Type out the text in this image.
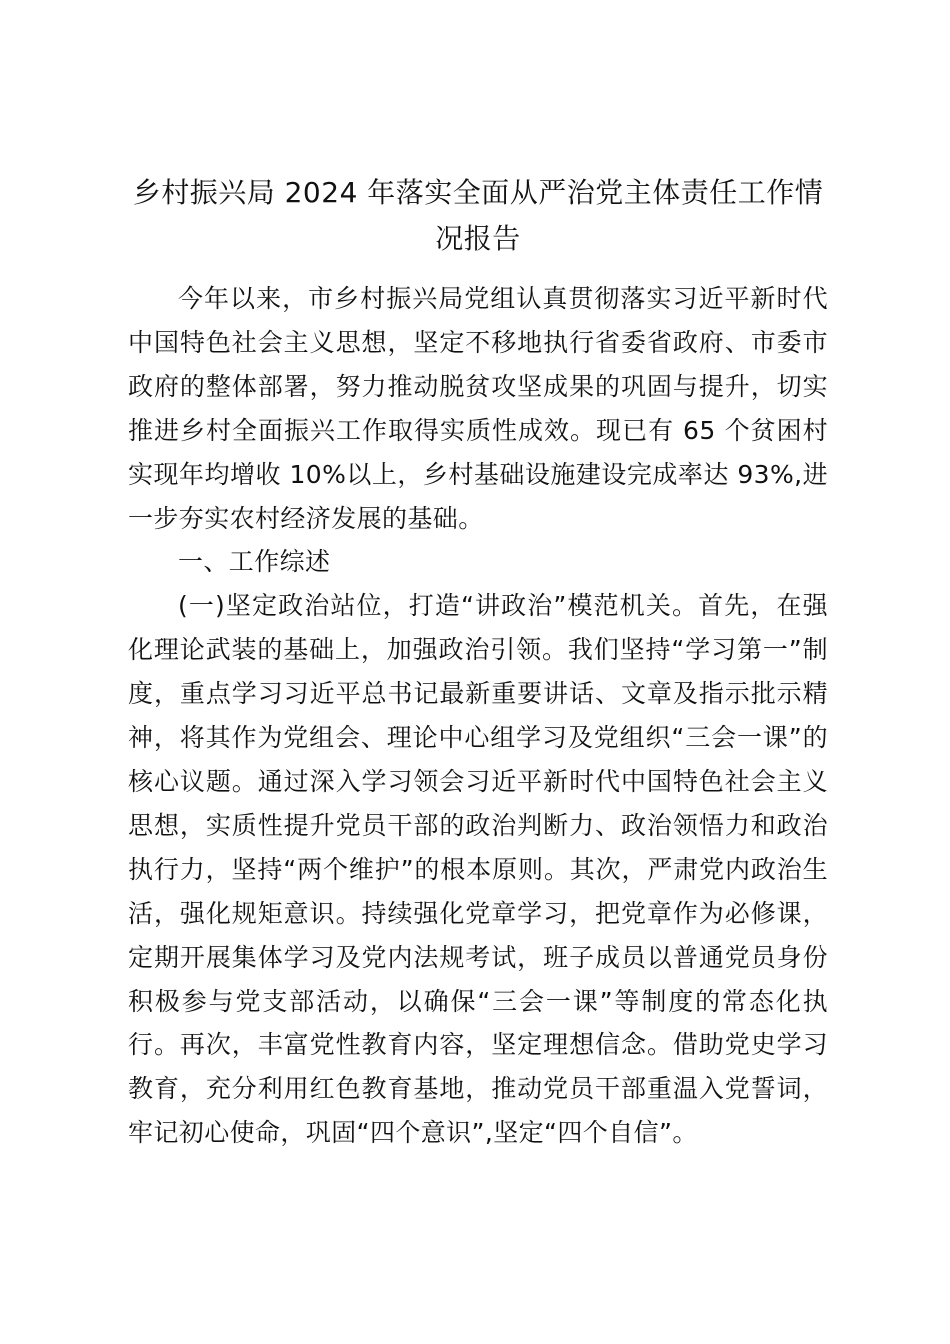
乡村振兴局 2024 年落实全面从严治党主体责任工作情况报告

今年以来，市乡村振兴局党组认真贯彻落实习近平新时代中国特色社会主义思想，坚定不移地执行省委省政府、市委市政府的整体部署，努力推动脱贫攻坚成果的巩固与提升，切实推进乡村全面振兴工作取得实质性成效。现已有 65 个贫困村实现年均增收 10%以上，乡村基础设施建设完成率达 93%,进一步夯实农村经济发展的基础。

一、工作综述

(一)坚定政治站位，打造“讲政治”模范机关。首先，在强化理论武装的基础上，加强政治引领。我们坚持“学习第一”制度，重点学习习近平总书记最新重要讲话、文章及指示批示精神，将其作为党组会、理论中心组学习及党组织“三会一课”的核心议题。通过深入学习领会习近平新时代中国特色社会主义思想，实质性提升党员干部的政治判断力、政治领悟力和政治执行力，坚持“两个维护”的根本原则。其次，严肃党内政治生活，强化规矩意识。持续强化党章学习，把党章作为必修课，定期开展集体学习及党内法规考试，班子成员以普通党员身份积极参与党支部活动，以确保“三会一课”等制度的常态化执行。再次，丰富党性教育内容，坚定理想信念。借助党史学习教育，充分利用红色教育基地，推动党员干部重温入党誓词，牢记初心使命，巩固“四个意识”,坚定“四个自信”。
